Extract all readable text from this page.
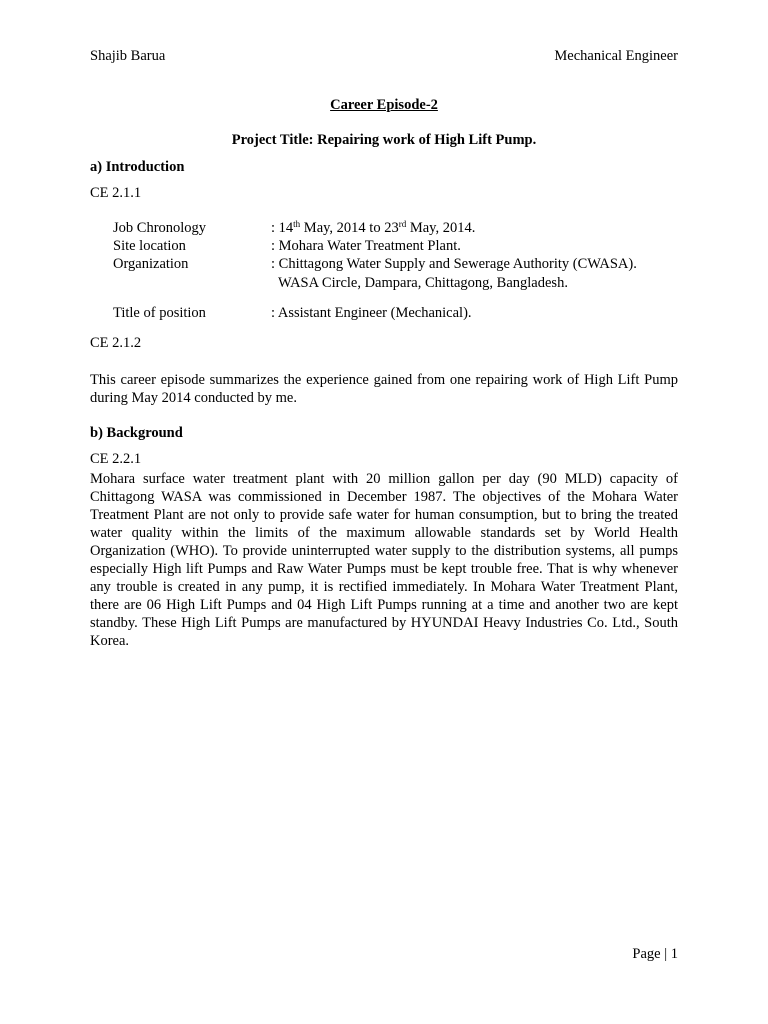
Shajib Barua	Mechanical Engineer
Career Episode-2
Project Title: Repairing work of High Lift Pump.
a) Introduction
CE 2.1.1
Job Chronology	: 14th May, 2014 to 23rd May, 2014.
Site location	: Mohara Water Treatment Plant.
Organization	: Chittagong Water Supply and Sewerage Authority (CWASA).
WASA Circle, Dampara, Chittagong, Bangladesh.
Title of position	: Assistant Engineer (Mechanical).
CE 2.1.2
This career episode summarizes the experience gained from one repairing work of High Lift Pump during May 2014 conducted by me.
b) Background
CE 2.2.1
Mohara surface water treatment plant with 20 million gallon per day (90 MLD) capacity of Chittagong WASA was commissioned in December 1987. The objectives of the Mohara Water Treatment Plant are not only to provide safe water for human consumption, but to bring the treated water quality within the limits of the maximum allowable standards set by World Health Organization (WHO). To provide uninterrupted water supply to the distribution systems, all pumps especially High lift Pumps and Raw Water Pumps must be kept trouble free. That is why whenever any trouble is created in any pump, it is rectified immediately. In Mohara Water Treatment Plant, there are 06 High Lift Pumps and 04 High Lift Pumps running at a time and another two are kept standby. These High Lift Pumps are manufactured by HYUNDAI Heavy Industries Co. Ltd., South Korea.
Page | 1
